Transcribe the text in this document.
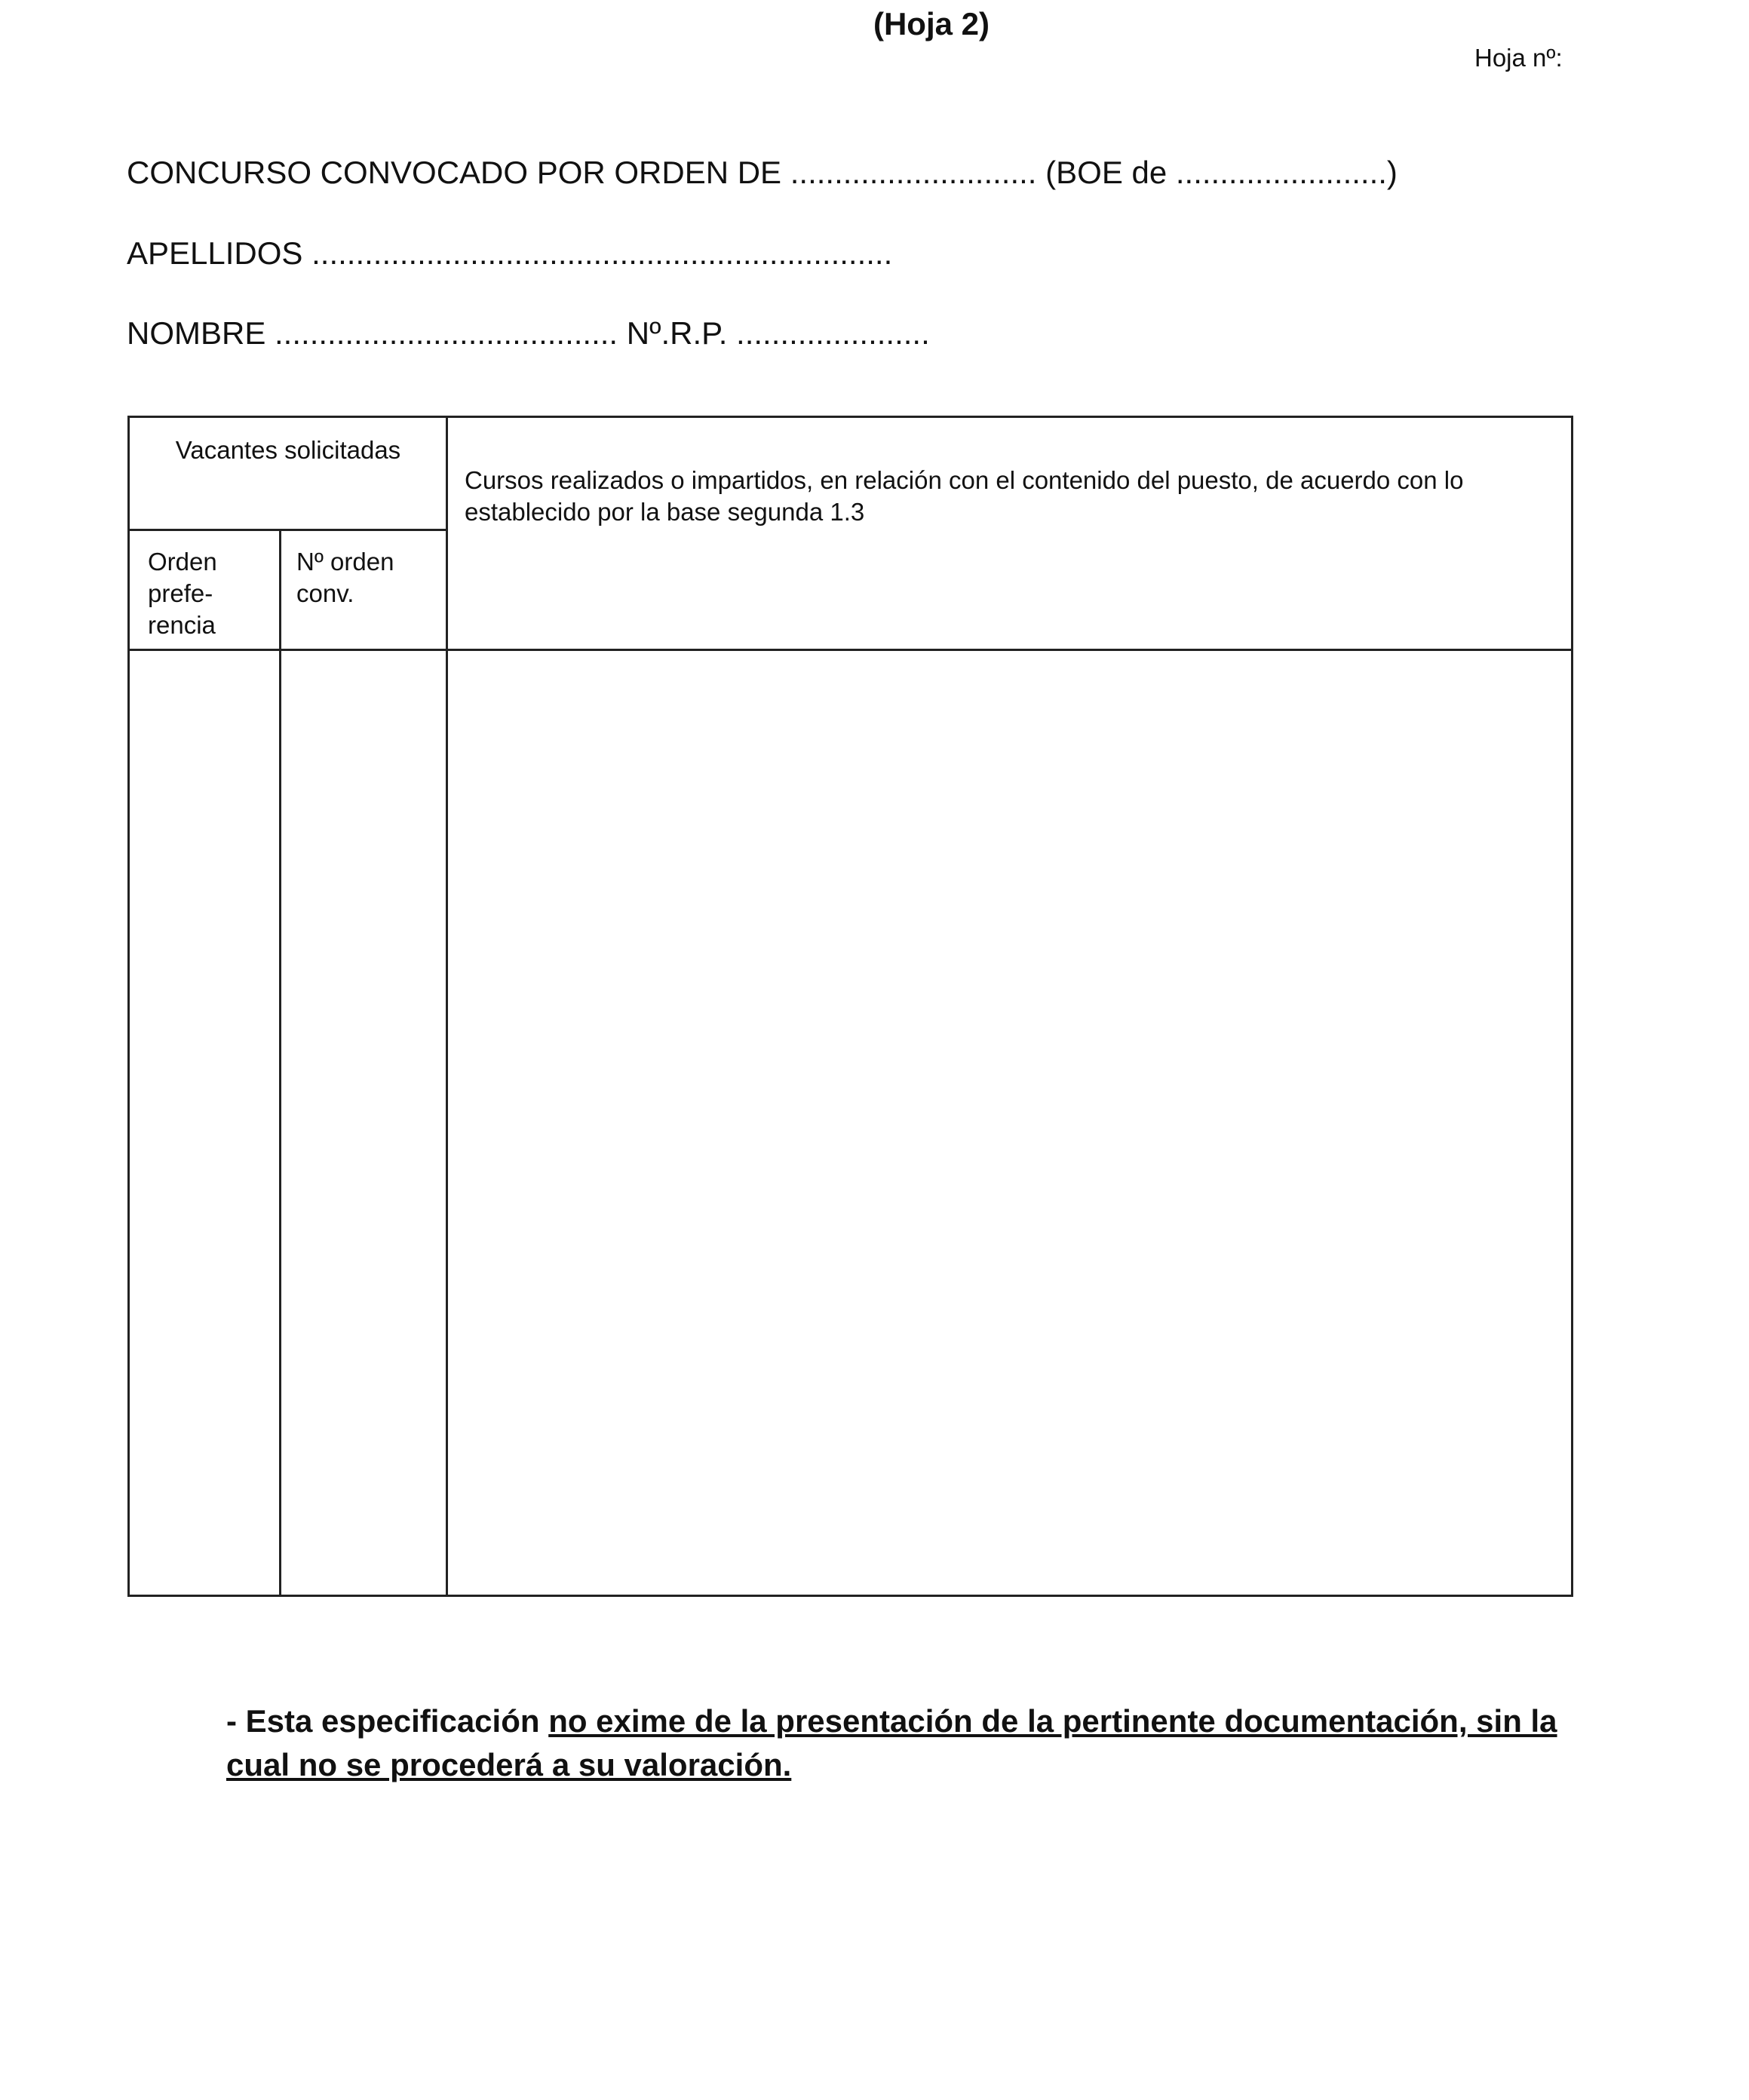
(Hoja 2)
Hoja nº:
CONCURSO CONVOCADO POR ORDEN DE ............................ (BOE de ........................)
APELLIDOS ..................................................................
NOMBRE ....................................... Nº.R.P. ......................
Vacantes solicitadas
Orden prefe- rencia
Nº orden conv.
Cursos realizados o impartidos, en relación con el contenido del puesto, de acuerdo con lo establecido por la base segunda 1.3
- Esta especificación no exime de la presentación de la pertinente documentación, sin la cual no se procederá a su valoración.
